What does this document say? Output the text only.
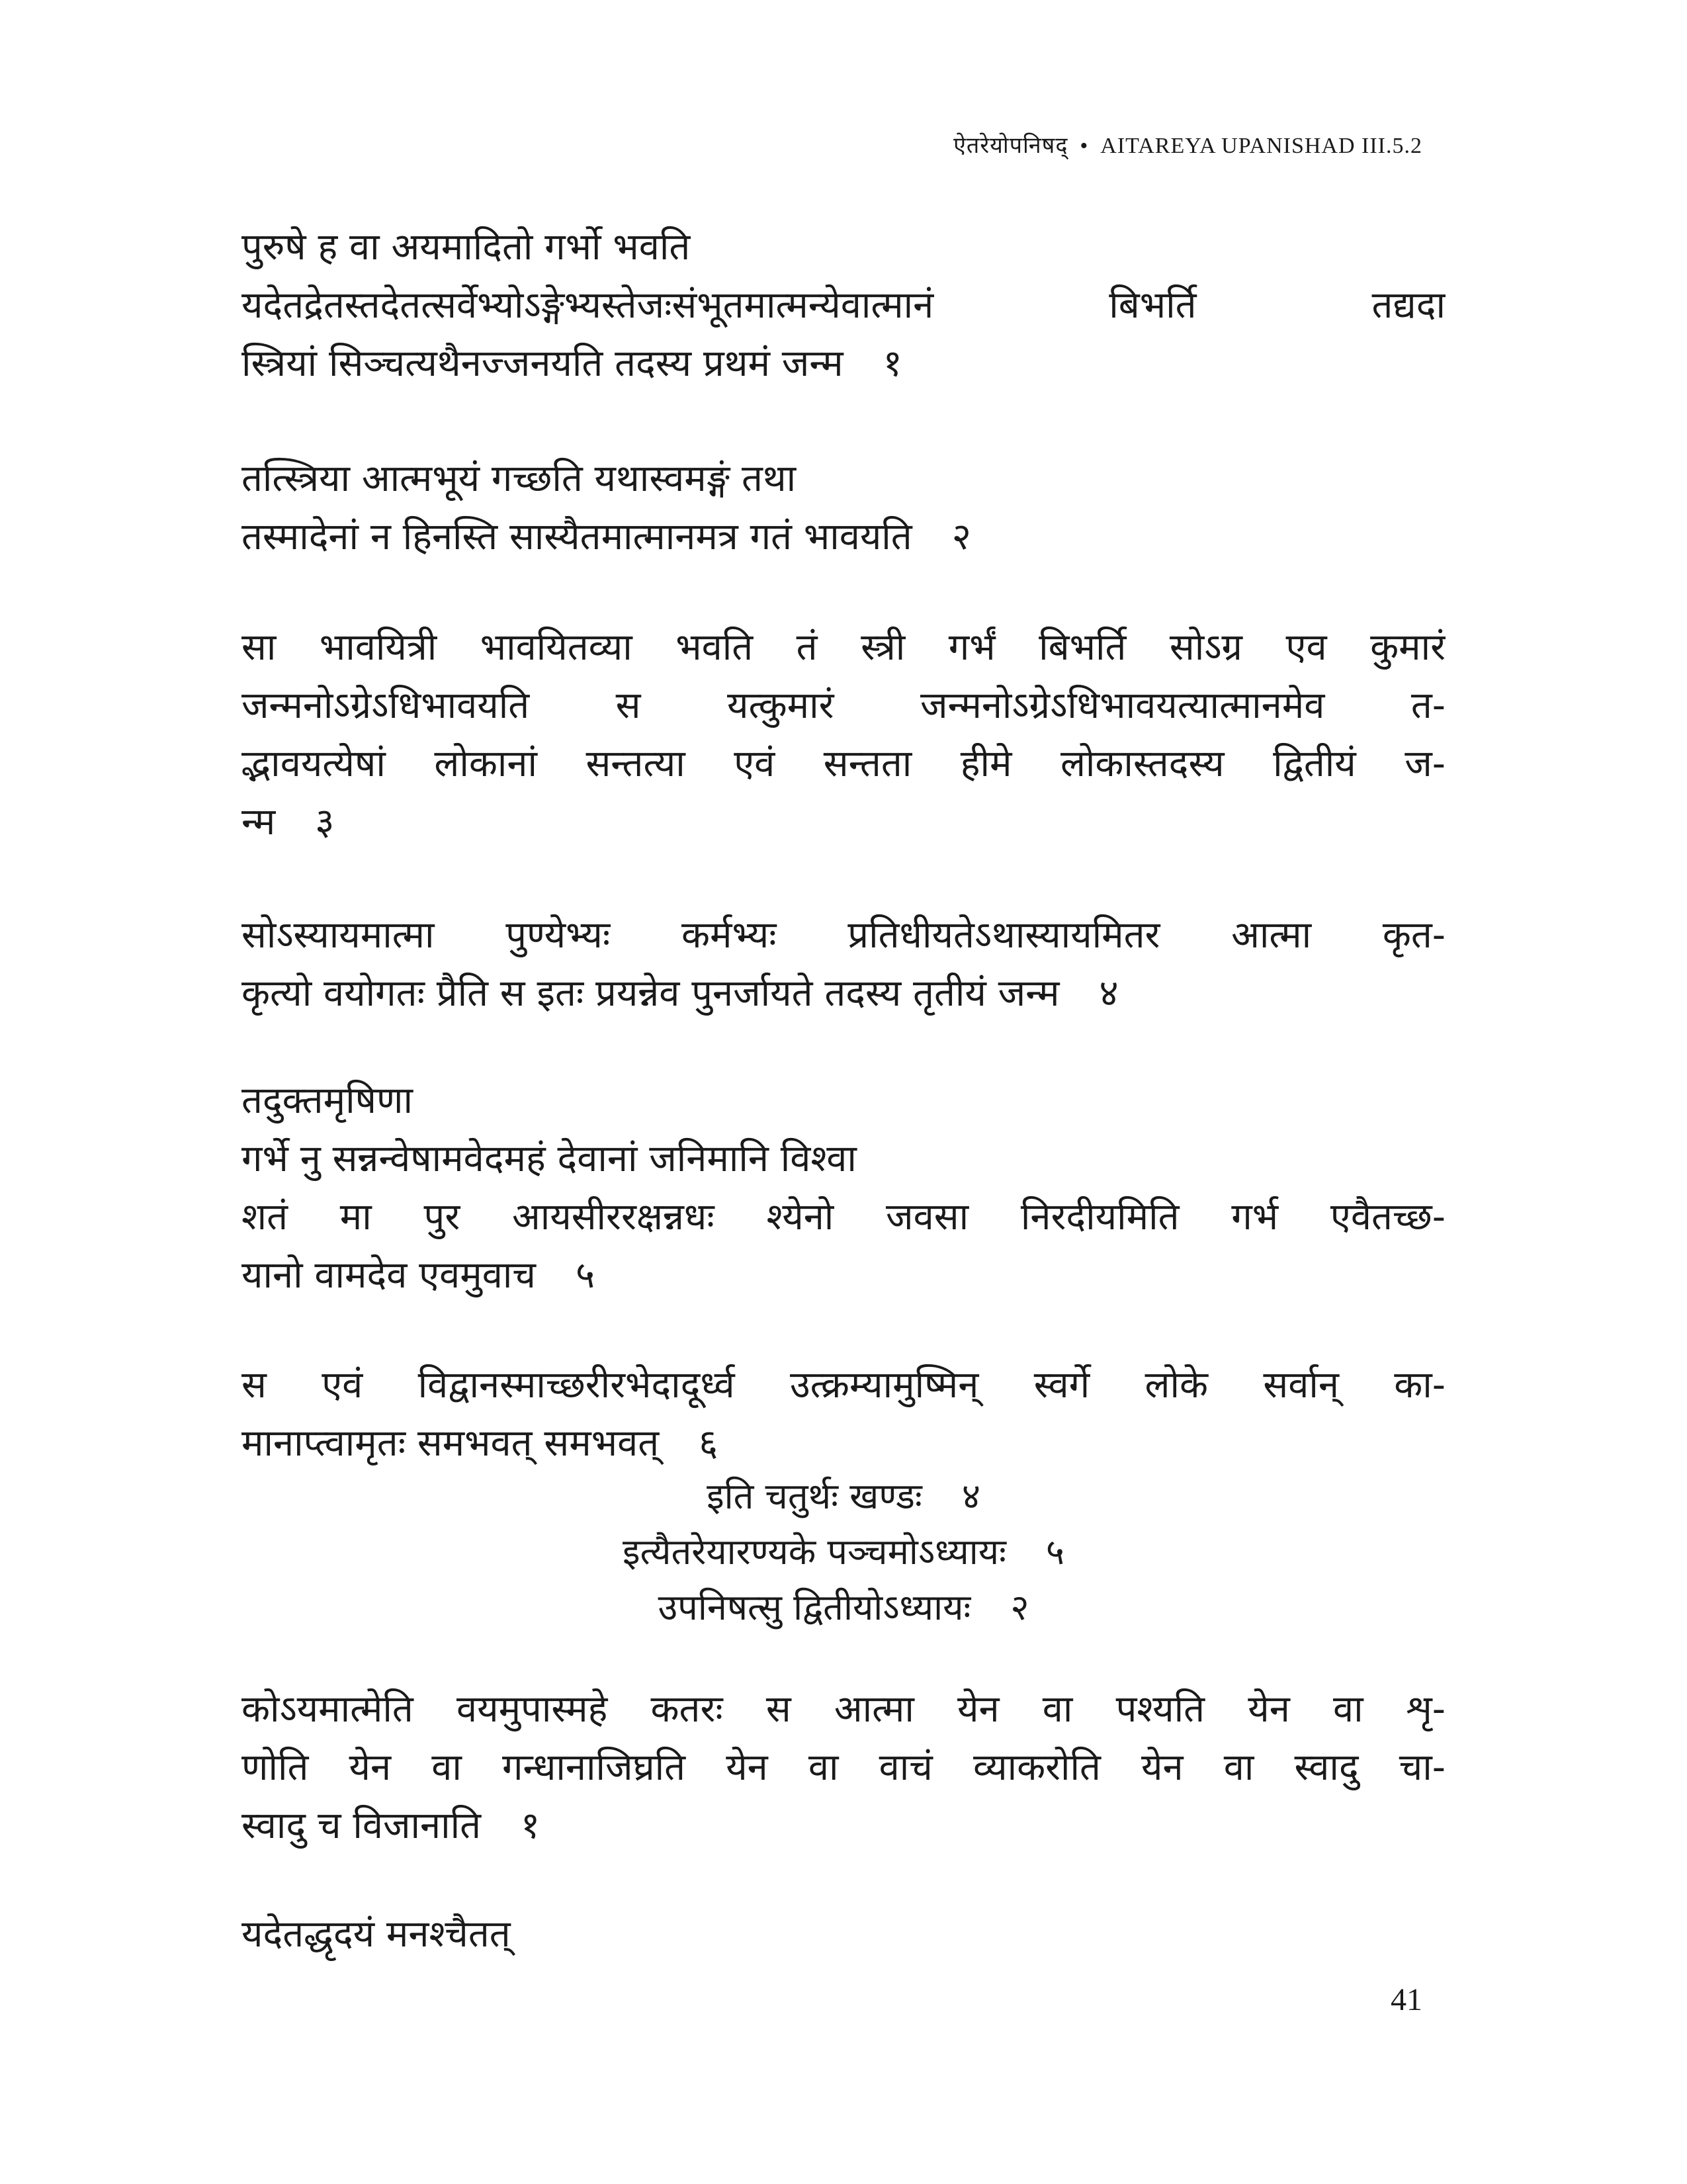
ऐतरेयोपनिषद् • AITAREYA UPANISHAD III.5.2
पुरुषे ह वा अयमादितो गर्भो भवति
यदेतद्रेतस्तदेतत्सर्वेभ्योऽङ्गेभ्यस्तेजःसंभूतमात्मन्येवात्मानं बिभर्ति तद्यदा
स्त्रियां सिञ्चत्यथैनज्जनयति तदस्य प्रथमं जन्म १
तत्स्त्रिया आत्मभूयं गच्छति यथास्वमङ्गं तथा
तस्मादेनां न हिनस्ति सास्यैतमात्मानमत्र गतं भावयति २
सा भावयित्री भावयितव्या भवति तं स्त्री गर्भं बिभर्ति सोऽग्र एव कुमारं
जन्मनोऽग्रेऽधिभावयति स यत्कुमारं जन्मनोऽग्रेऽधिभावयत्यात्मानमेव त-
द्भावयत्येषां लोकानां सन्तत्या एवं सन्तता हीमे लोकास्तदस्य द्वितीयं ज-
न्म ३
सोऽस्यायमात्मा पुण्येभ्यः कर्मभ्यः प्रतिधीयतेऽथास्यायमितर आत्मा कृत-
कृत्यो वयोगतः प्रैति स इतः प्रयन्नेव पुनर्जायते तदस्य तृतीयं जन्म ४
तदुक्तमृषिणा
गर्भे नु सन्नन्वेषामवेदमहं देवानां जनिमानि विश्वा
शतं मा पुर आयसीररक्षन्नधः श्येनो जवसा निरदीयमिति गर्भ एवैतच्छ-
यानो वामदेव एवमुवाच ५
स एवं विद्वानस्माच्छरीरभेदादूर्ध्व उत्क्रम्यामुष्मिन् स्वर्गे लोके सर्वान् का-
मानाप्त्वामृतः समभवत् समभवत् ६
इति चतुर्थः खण्डः ४
इत्यैतरेयारण्यके पञ्चमोऽध्यायः ५
उपनिषत्सु द्वितीयोऽध्यायः २
कोऽयमात्मेति वयमुपास्महे कतरः स आत्मा येन वा पश्यति येन वा शृ-
णोति येन वा गन्धानाजिघ्रति येन वा वाचं व्याकरोति येन वा स्वादु चा-
स्वादु च विजानाति १
यदेतद्धृदयं मनश्चैतत्
41
